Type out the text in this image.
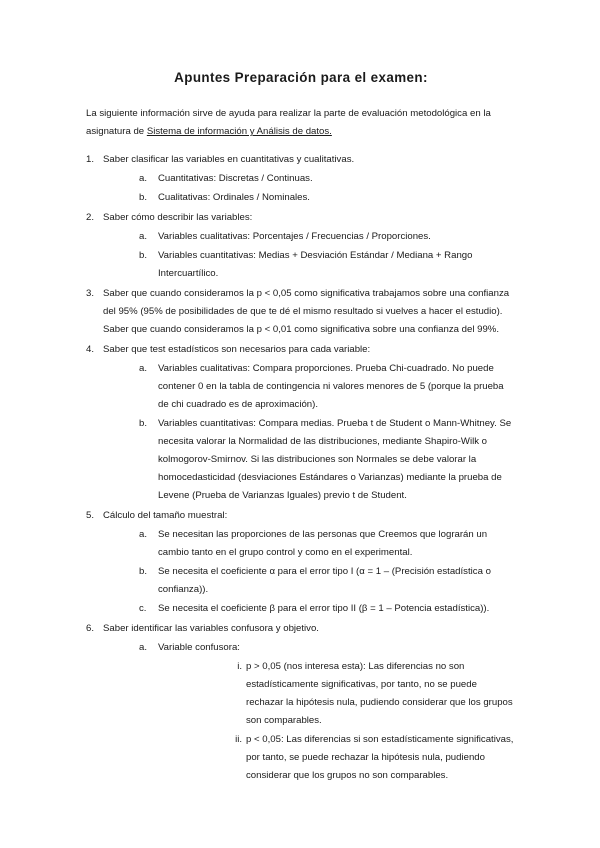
Apuntes Preparación para el examen:

La siguiente información sirve de ayuda para realizar la parte de evaluación metodológica en la asignatura de Sistema de información y Análisis de datos.

1. Saber clasificar las variables en cuantitativas y cualitativas.
a. Cuantitativas: Discretas / Continuas.
b. Cualitativas: Ordinales / Nominales.
2. Saber cómo describir las variables:
a. Variables cualitativas: Porcentajes / Frecuencias / Proporciones.
b. Variables cuantitativas: Medias + Desviación Estándar / Mediana + Rango Intercuartílico.
3. Saber que cuando consideramos la p < 0,05 como significativa trabajamos sobre una confianza del 95% (95% de posibilidades de que te dé el mismo resultado si vuelves a hacer el estudio). Saber que cuando consideramos la p < 0,01 como significativa sobre una confianza del 99%.
4. Saber que test estadísticos son necesarios para cada variable:
a. Variables cualitativas: Compara proporciones. Prueba Chi-cuadrado. No puede contener 0 en la tabla de contingencia ni valores menores de 5 (porque la prueba de chi cuadrado es de aproximación).
b. Variables cuantitativas: Compara medias. Prueba t de Student o Mann-Whitney. Se necesita valorar la Normalidad de las distribuciones, mediante Shapiro-Wilk o kolmogorov-Smirnov. Si las distribuciones son Normales se debe valorar la homocedasticidad (desviaciones Estándares o Varianzas) mediante la prueba de Levene (Prueba de Varianzas Iguales) previo t de Student.
5. Cálculo del tamaño muestral:
a. Se necesitan las proporciones de las personas que Creemos que lograrán un cambio tanto en el grupo control y como en el experimental.
b. Se necesita el coeficiente α para el error tipo I (α = 1 – (Precisión estadística o confianza)).
c. Se necesita el coeficiente β para el error tipo II (β = 1 – Potencia estadística)).
6. Saber identificar las variables confusora y objetivo.
a. Variable confusora:
i. p > 0,05 (nos interesa esta): Las diferencias no son estadísticamente significativas, por tanto, no se puede rechazar la hipótesis nula, pudiendo considerar que los grupos son comparables.
ii. p < 0,05: Las diferencias si son estadísticamente significativas, por tanto, se puede rechazar la hipótesis nula, pudiendo considerar que los grupos no son comparables.
